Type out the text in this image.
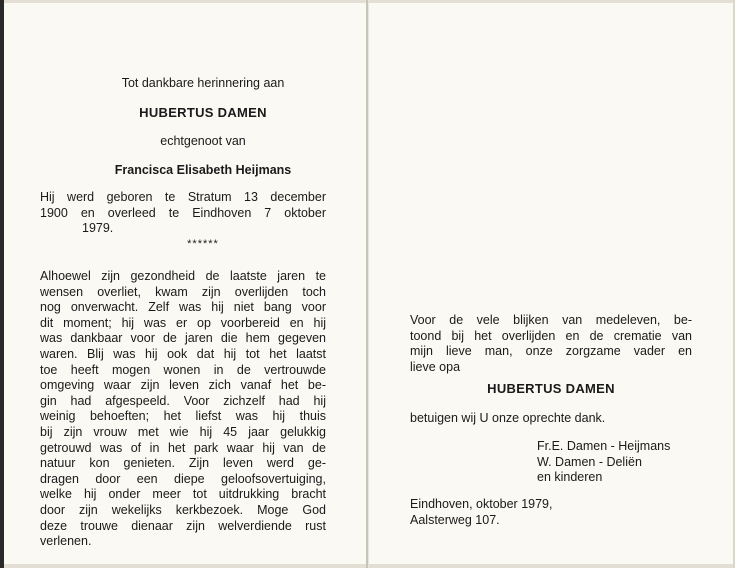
Tot dankbare herinnering aan
HUBERTUS DAMEN
echtgenoot van
Francisca Elisabeth Heijmans
Hij werd geboren te Stratum 13 december
1900 en overleed te Eindhoven 7 oktober
1979.
******
Alhoewel zijn gezondheid de laatste jaren te
wensen overliet, kwam zijn overlijden toch
nog onverwacht. Zelf was hij niet bang voor
dit moment; hij was er op voorbereid en hij
was dankbaar voor de jaren die hem gegeven
waren. Blij was hij ook dat hij tot het laatst
toe heeft mogen wonen in de vertrouwde
omgeving waar zijn leven zich vanaf het be-
gin had afgespeeld. Voor zichzelf had hij
weinig behoeften; het liefst was hij thuis
bij zijn vrouw met wie hij 45 jaar gelukkig
getrouwd was of in het park waar hij van de
natuur kon genieten. Zijn leven werd ge-
dragen door een diepe geloofsovertuiging,
welke hij onder meer tot uitdrukking bracht
door zijn wekelijks kerkbezoek. Moge God
deze trouwe dienaar zijn welverdiende rust
verlenen.
Voor de vele blijken van medeleven, be-
toond bij het overlijden en de crematie van
mijn lieve man, onze zorgzame vader en
lieve opa
HUBERTUS DAMEN
betuigen wij U onze oprechte dank.
Fr.E. Damen - Heijmans
W. Damen - Deliën
en kinderen
Eindhoven, oktober 1979,
Aalsterweg 107.
